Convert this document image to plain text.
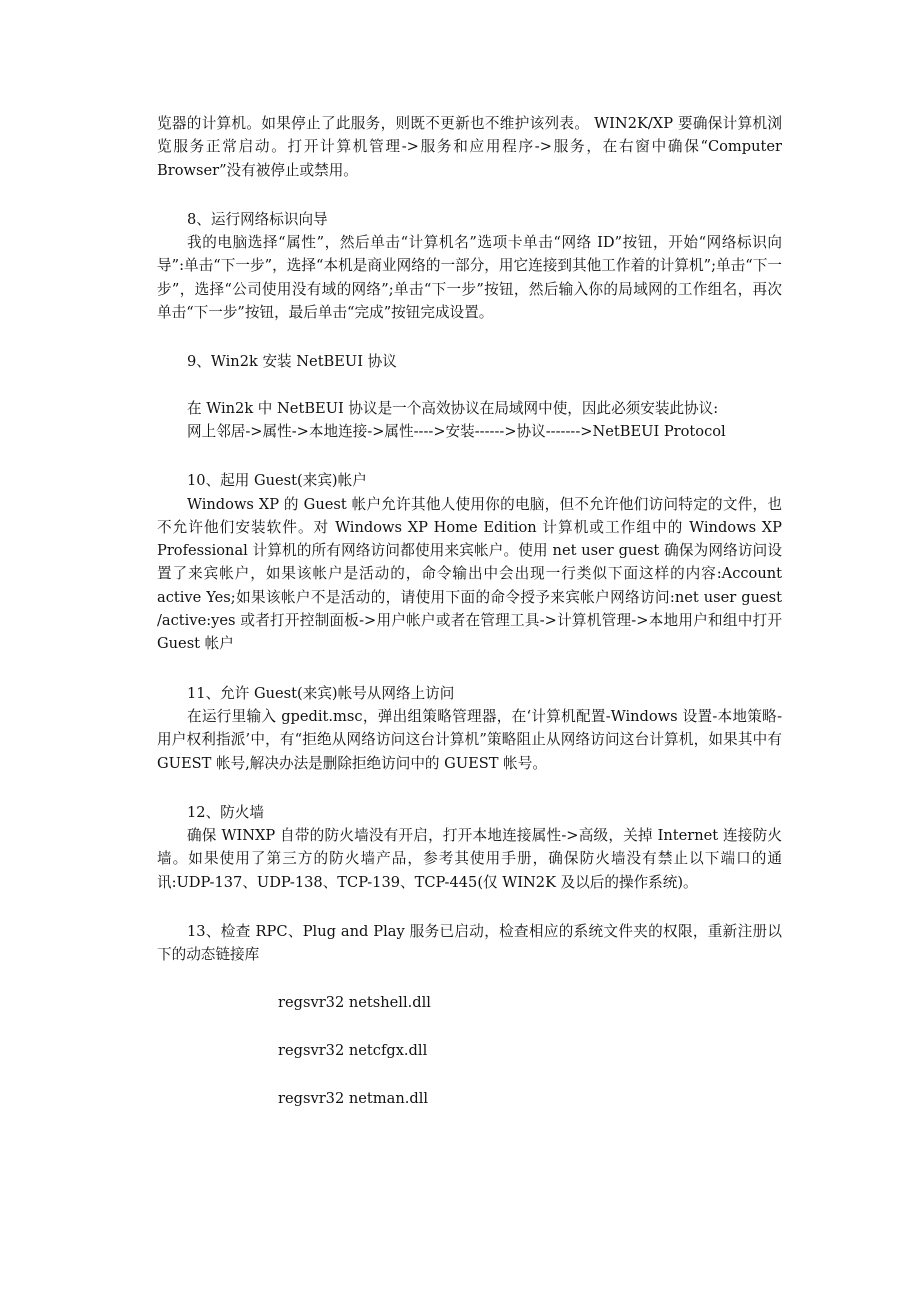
览器的计算机。如果停止了此服务，则既不更新也不维护该列表。 WIN2K/XP 要确保计算机浏览服务正常启动。打开计算机管理->服务和应用程序->服务，在右窗中确保“Computer Browser”没有被停止或禁用。

8、运行网络标识向导

我的电脑选择“属性”，然后单击“计算机名”选项卡单击“网络 ID”按钮，开始“网络标识向导”:单击“下一步”，选择“本机是商业网络的一部分，用它连接到其他工作着的计算机”;单击“下一步”，选择“公司使用没有域的网络”;单击“下一步”按钮，然后输入你的局域网的工作组名，再次单击“下一步”按钮，最后单击“完成”按钮完成设置。

9、Win2k 安装 NetBEUI 协议

在 Win2k 中 NetBEUI 协议是一个高效协议在局域网中使，因此必须安装此协议:

网上邻居->属性->本地连接->属性---->安装------>协议------->NetBEUI Protocol

10、起用 Guest(来宾)帐户

Windows XP 的 Guest 帐户允许其他人使用你的电脑，但不允许他们访问特定的文件，也不允许他们安装软件。对 Windows XP Home Edition 计算机或工作组中的 Windows XP Professional 计算机的所有网络访问都使用来宾帐户。使用 net user guest 确保为网络访问设置了来宾帐户，如果该帐户是活动的，命令输出中会出现一行类似下面这样的内容:Account active Yes;如果该帐户不是活动的，请使用下面的命令授予来宾帐户网络访问:net user guest /active:yes 或者打开控制面板->用户帐户或者在管理工具->计算机管理->本地用户和组中打开 Guest 帐户

11、允许 Guest(来宾)帐号从网络上访问

在运行里输入 gpedit.msc，弹出组策略管理器，在‘计算机配置-Windows 设置-本地策略-用户权利指派’中，有“拒绝从网络访问这台计算机”策略阻止从网络访问这台计算机，如果其中有 GUEST 帐号,解决办法是删除拒绝访问中的 GUEST 帐号。

12、防火墙

确保 WINXP 自带的防火墙没有开启，打开本地连接属性->高级，关掉 Internet 连接防火墙。如果使用了第三方的防火墙产品，参考其使用手册，确保防火墙没有禁止以下端口的通讯:UDP-137、UDP-138、TCP-139、TCP-445(仅 WIN2K 及以后的操作系统)。

13、检查 RPC、Plug and Play 服务已启动，检查相应的系统文件夹的权限，重新注册以下的动态链接库

regsvr32 netshell.dll

regsvr32 netcfgx.dll

regsvr32 netman.dll
